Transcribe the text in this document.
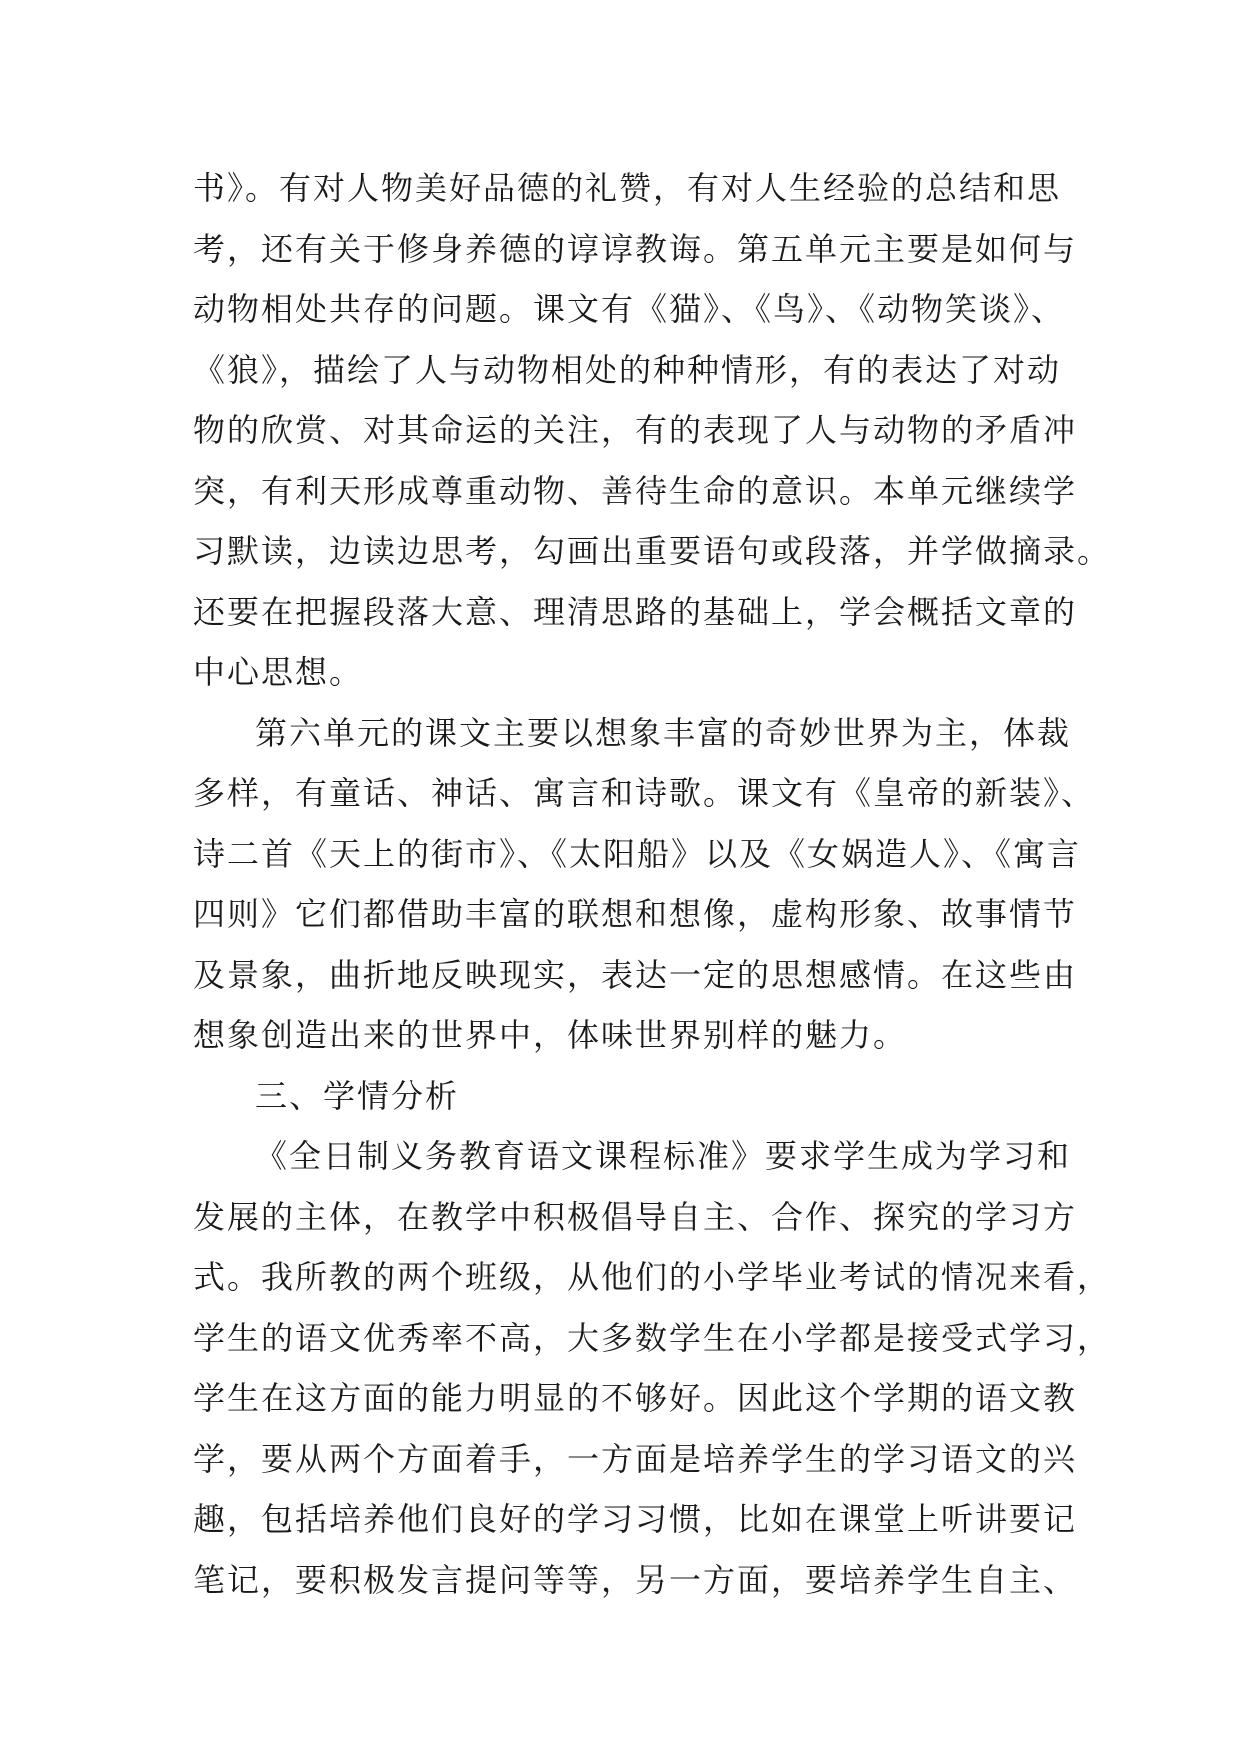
书》。有对人物美好品德的礼赞，有对人生经验的总结和思
考，还有关于修身养德的谆谆教诲。第五单元主要是如何与
动物相处共存的问题。课文有《猫》、《鸟》、《动物笑谈》、
《狼》，描绘了人与动物相处的种种情形，有的表达了对动
物的欣赏、对其命运的关注，有的表现了人与动物的矛盾冲
突，有利天形成尊重动物、善待生命的意识。本单元继续学
习默读，边读边思考，勾画出重要语句或段落，并学做摘录。
还要在把握段落大意、理清思路的基础上，学会概括文章的
中心思想。
第六单元的课文主要以想象丰富的奇妙世界为主，体裁
多样，有童话、神话、寓言和诗歌。课文有《皇帝的新装》、
诗二首《天上的街市》、《太阳船》以及《女娲造人》、《寓言
四则》它们都借助丰富的联想和想像，虚构形象、故事情节
及景象，曲折地反映现实，表达一定的思想感情。在这些由
想象创造出来的世界中，体味世界别样的魅力。
三、学情分析
《全日制义务教育语文课程标准》要求学生成为学习和
发展的主体，在教学中积极倡导自主、合作、探究的学习方
式。我所教的两个班级，从他们的小学毕业考试的情况来看，
学生的语文优秀率不高，大多数学生在小学都是接受式学习，
学生在这方面的能力明显的不够好。因此这个学期的语文教
学，要从两个方面着手，一方面是培养学生的学习语文的兴
趣，包括培养他们良好的学习习惯，比如在课堂上听讲要记
笔记，要积极发言提问等等，另一方面，要培养学生自主、
